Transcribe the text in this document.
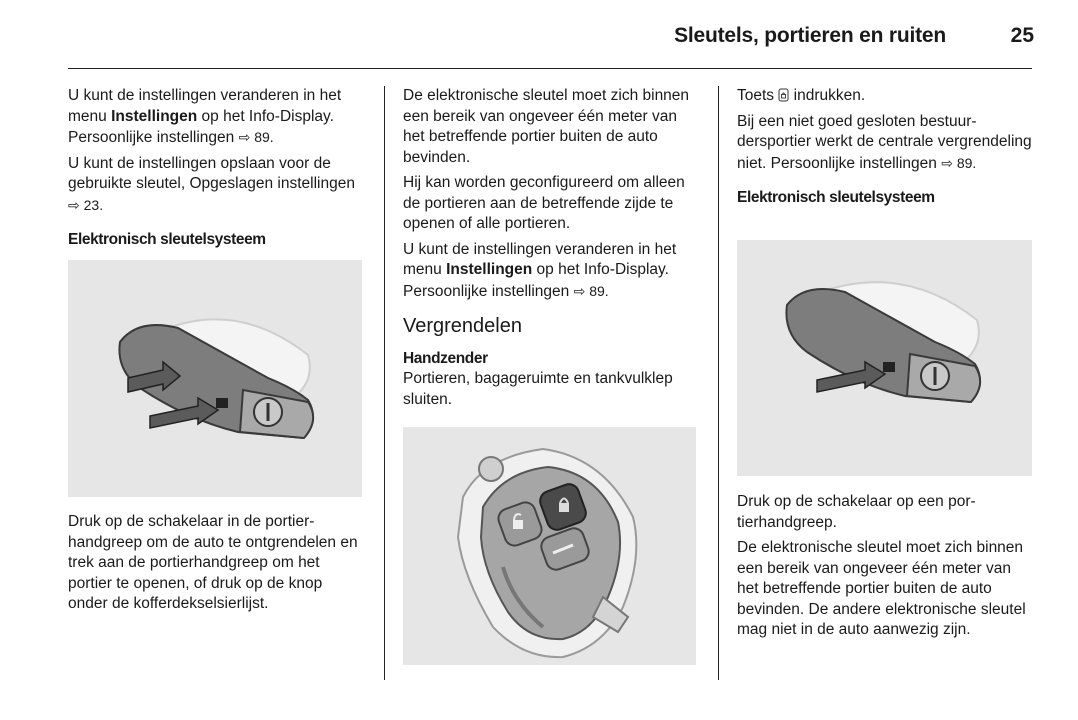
Sleutels, portieren en ruiten	25

U kunt de instellingen veranderen in het menu Instellingen op het Info-Display. Persoonlijke instellingen ⇨ 89.

U kunt de instellingen opslaan voor de gebruikte sleutel, Opgeslagen instellingen ⇨ 23.

Elektronisch sleutelsysteem

Druk op de schakelaar in de portierhandgreep om de auto te ontgrendelen en trek aan de portierhandgreep om het portier te openen, of druk op de knop onder de kofferdekselsierlijst.

De elektronische sleutel moet zich binnen een bereik van ongeveer één meter van het betreffende portier buiten de auto bevinden.

Hij kan worden geconfigureerd om alleen de portieren aan de betreffende zijde te openen of alle portieren.

U kunt de instellingen veranderen in het menu Instellingen op het Info-Display. Persoonlijke instellingen ⇨ 89.

Vergrendelen
Handzender

Portieren, bagageruimte en tankvulklep sluiten.

Toets  indrukken.

Bij een niet goed gesloten bestuurdersportier werkt de centrale vergrendeling niet. Persoonlijke instellingen ⇨ 89.

Elektronisch sleutelsysteem

Druk op de schakelaar op een portierhandgreep.

De elektronische sleutel moet zich binnen een bereik van ongeveer één meter van het betreffende portier buiten de auto bevinden. De andere elektronische sleutel mag niet in de auto aanwezig zijn.
